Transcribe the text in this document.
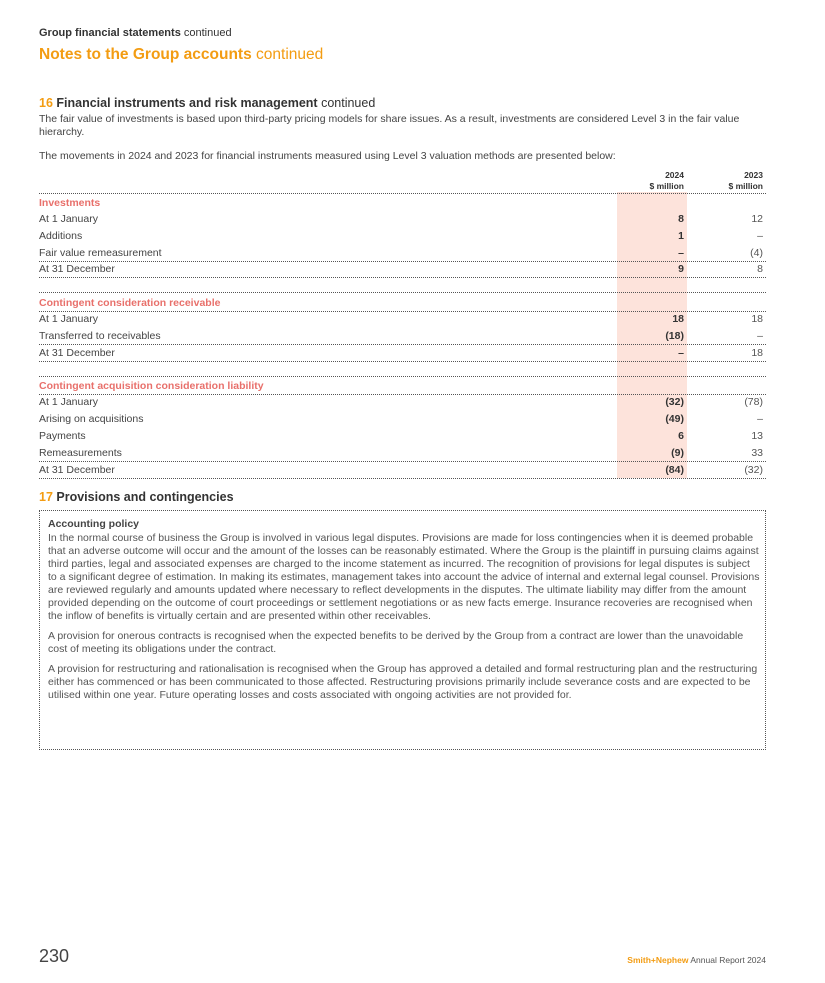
Group financial statements continued
Notes to the Group accounts continued
16 Financial instruments and risk management continued
The fair value of investments is based upon third-party pricing models for share issues. As a result, investments are considered Level 3 in the fair value hierarchy.
The movements in 2024 and 2023 for financial instruments measured using Level 3 valuation methods are presented below:
2024
$ million
2023
$ million
Investments
At 1 January	8	12
Additions	1	–
Fair value remeasurement	–	(4)
At 31 December	9	8
Contingent consideration receivable
At 1 January	18	18
Transferred to receivables	(18)	–
At 31 December	–	18
Contingent acquisition consideration liability
At 1 January	(32)	(78)
Arising on acquisitions	(49)	–
Payments	6	13
Remeasurements	(9)	33
At 31 December	(84)	(32)
17 Provisions and contingencies
Accounting policy

In the normal course of business the Group is involved in various legal disputes. Provisions are made for loss contingencies when it is deemed probable that an adverse outcome will occur and the amount of the losses can be reasonably estimated. Where the Group is the plaintiff in pursuing claims against third parties, legal and associated expenses are charged to the income statement as incurred. The recognition of provisions for legal disputes is subject to a significant degree of estimation. In making its estimates, management takes into account the advice of internal and external legal counsel. Provisions are reviewed regularly and amounts updated where necessary to reflect developments in the disputes. The ultimate liability may differ from the amount provided depending on the outcome of court proceedings or settlement negotiations or as new facts emerge. Insurance recoveries are recognised when the inflow of benefits is virtually certain and are presented within other receivables.

A provision for onerous contracts is recognised when the expected benefits to be derived by the Group from a contract are lower than the unavoidable cost of meeting its obligations under the contract.

A provision for restructuring and rationalisation is recognised when the Group has approved a detailed and formal restructuring plan and the restructuring either has commenced or has been communicated to those affected. Restructuring provisions primarily include severance costs and are expected to be utilised within one year. Future operating losses and costs associated with ongoing activities are not provided for.

230	Smith+Nephew Annual Report 2024
